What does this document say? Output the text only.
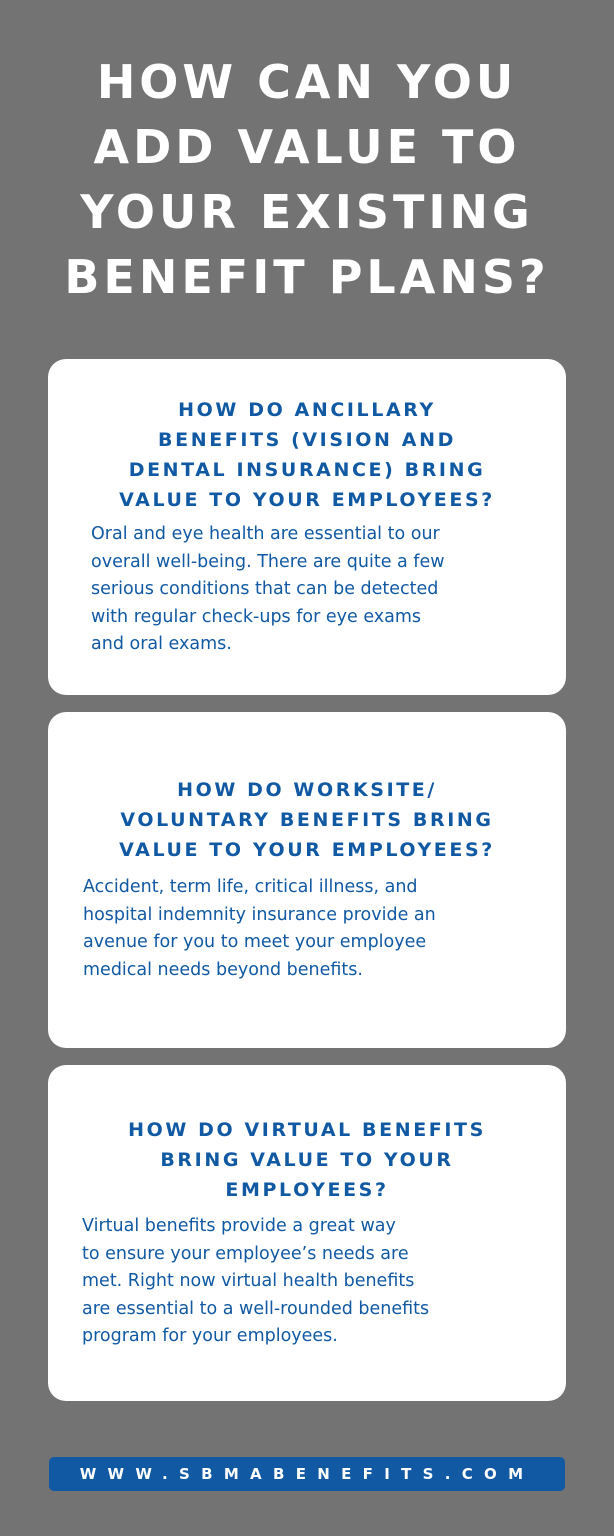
HOW CAN YOU
ADD VALUE TO
YOUR EXISTING
BENEFIT PLANS?
HOW DO ANCILLARY
BENEFITS (VISION AND
DENTAL INSURANCE) BRING
VALUE TO YOUR EMPLOYEES?
Oral and eye health are essential to our
overall well-being. There are quite a few
serious conditions that can be detected
with regular check-ups for eye exams
and oral exams.
HOW DO WORKSITE/
VOLUNTARY BENEFITS BRING
VALUE TO YOUR EMPLOYEES?
Accident, term life, critical illness, and
hospital indemnity insurance provide an
avenue for you to meet your employee
medical needs beyond benefits.
HOW DO VIRTUAL BENEFITS
BRING VALUE TO YOUR
EMPLOYEES?
Virtual benefits provide a great way
to ensure your employee’s needs are
met. Right now virtual health benefits
are essential to a well-rounded benefits
program for your employees.
WWW.SBMABENEFITS.COM
